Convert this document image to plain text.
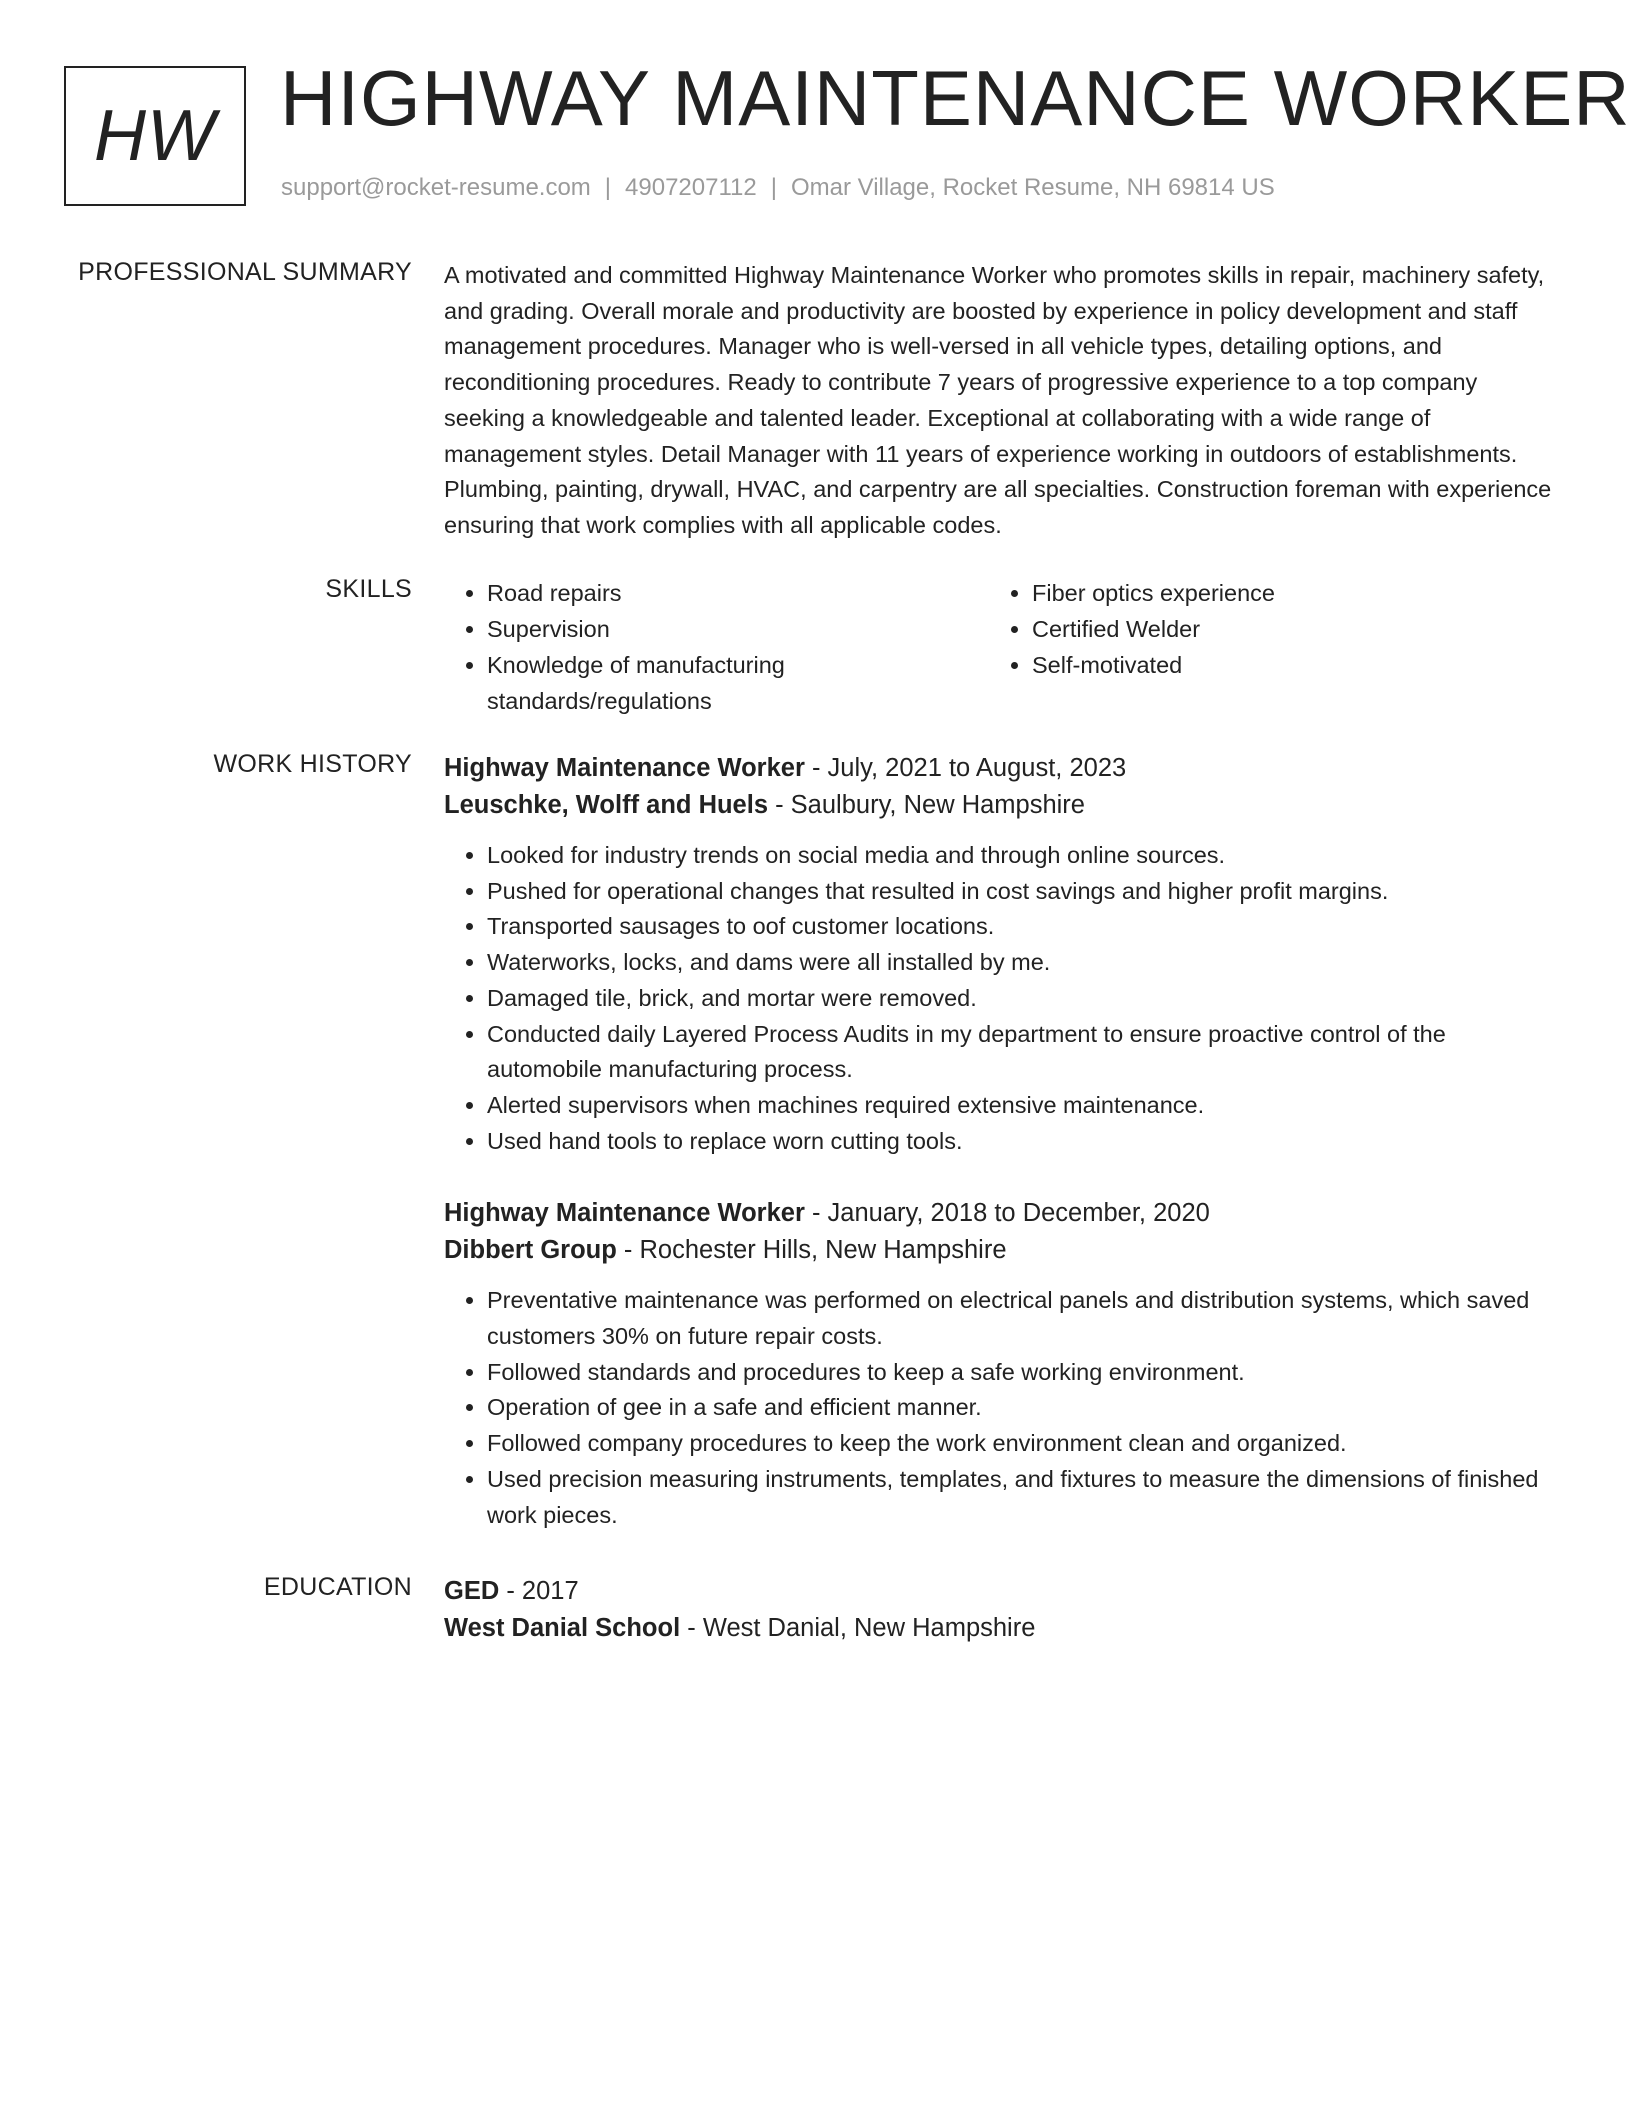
HW HIGHWAY MAINTENANCE WORKER
support@rocket-resume.com | 4907207112 | Omar Village, Rocket Resume, NH 69814 US
PROFESSIONAL SUMMARY A motivated and committed Highway Maintenance Worker who promotes skills in repair, machinery safety, and grading. Overall morale and productivity are boosted by experience in policy development and staff management procedures. Manager who is well-versed in all vehicle types, detailing options, and reconditioning procedures. Ready to contribute 7 years of progressive experience to a top company seeking a knowledgeable and talented leader. Exceptional at collaborating with a wide range of management styles. Detail Manager with 11 years of experience working in outdoors of establishments. Plumbing, painting, drywall, HVAC, and carpentry are all specialties. Construction foreman with experience ensuring that work complies with all applicable codes.

SKILLS
•	Road repairs
• Supervision
• Knowledge of manufacturing standards/regulations
• Fiber optics experience
• Certified Welder
• Self-motivated
WORK HISTORY Highway Maintenance Worker - July, 2021 to August, 2023
Leuschke, Wolff and Huels - Saulbury, New Hampshire
• Looked for industry trends on social media and through online sources.
• Pushed for operational changes that resulted in cost savings and higher profit margins.
• Transported sausages to oof customer locations.
• Waterworks, locks, and dams were all installed by me.
• Damaged tile, brick, and mortar were removed.
• Conducted daily Layered Process Audits in my department to ensure proactive control of the automobile manufacturing process.
• Alerted supervisors when machines required extensive maintenance.
• Used hand tools to replace worn cutting tools.
Highway Maintenance Worker - January, 2018 to December, 2020
Dibbert Group - Rochester Hills, New Hampshire
• Preventative maintenance was performed on electrical panels and distribution systems, which saved customers 30% on future repair costs.
• Followed standards and procedures to keep a safe working environment.
• Operation of gee in a safe and efficient manner.
• Followed company procedures to keep the work environment clean and organized.
• Used precision measuring instruments, templates, and fixtures to measure the dimensions of finished work pieces.
EDUCATION GED - 2017
West Danial School - West Danial, New Hampshire
